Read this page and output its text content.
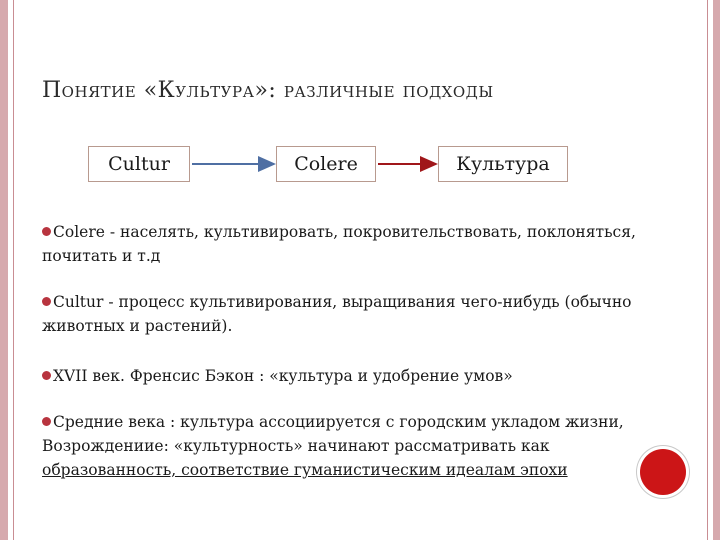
Понятие «Культура»: различные подходы
Cultur	Colere	Культура
Colere - населять, культивировать, покровительствовать, поклоняться, почитать и т.д
Cultur - процесс культивирования, выращивания чего-нибудь (обычно животных и растений).
XVII век. Френсис Бэкон : «культура и удобрение умов»
Средние века : культура ассоциируется с городским укладом жизни, Возрождениие: «культурность» начинают рассматривать как образованность, соответствие гуманистическим идеалам эпохи
